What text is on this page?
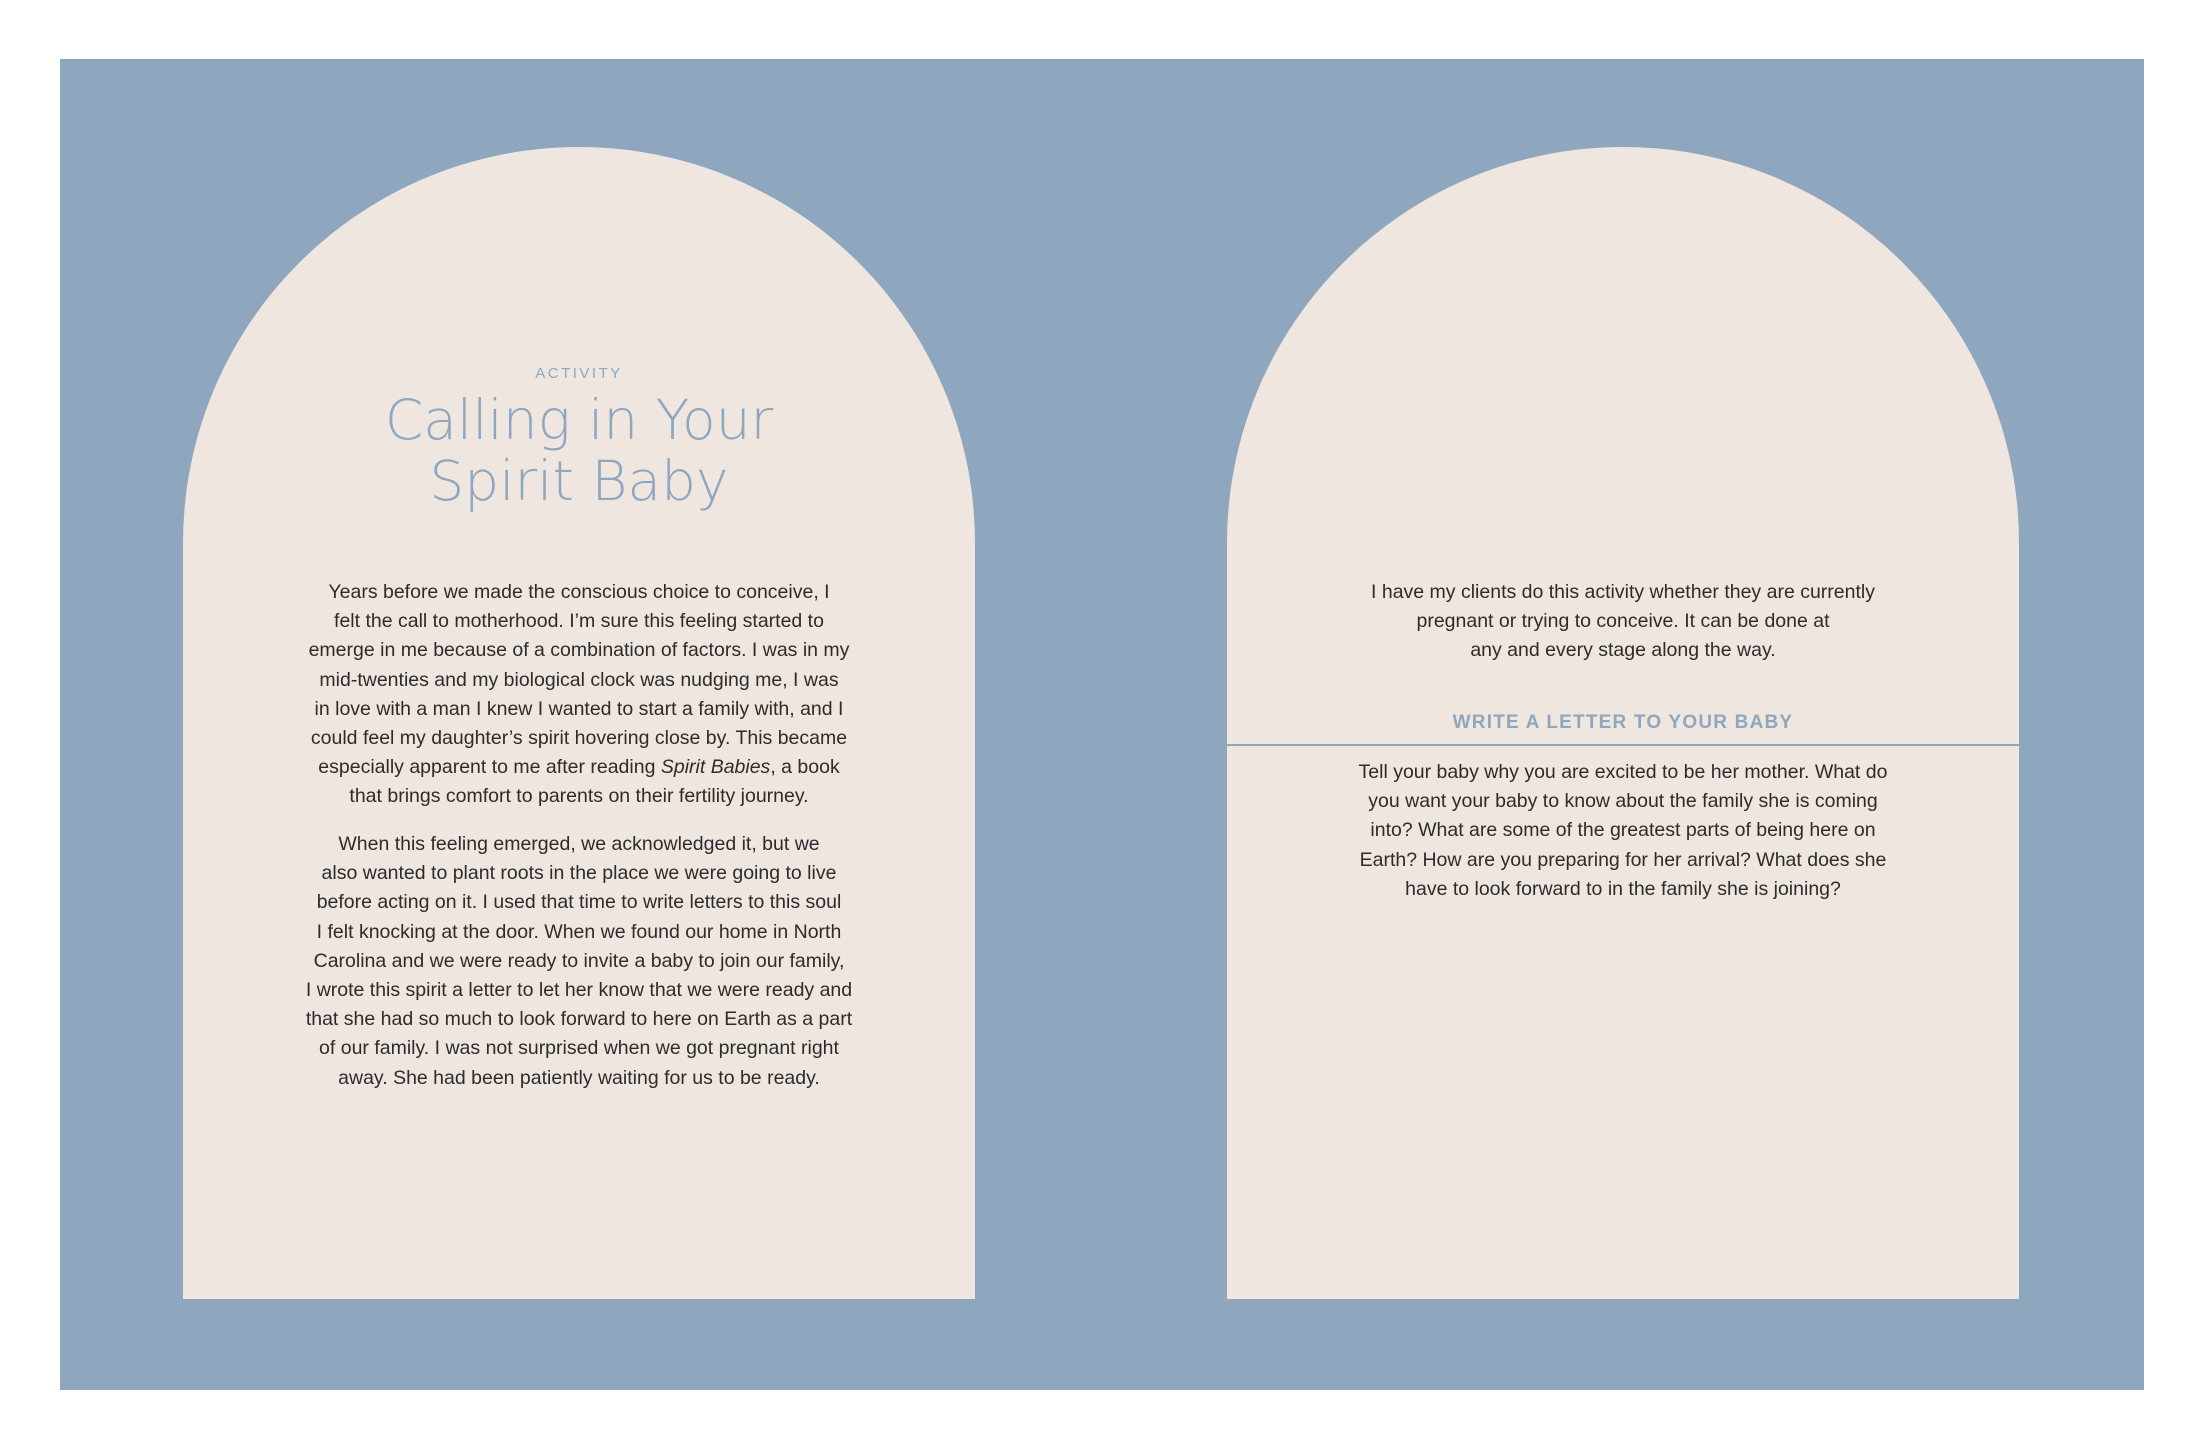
ACTIVITY
Calling in Your
Spirit Baby
Years before we made the conscious choice to conceive, I
felt the call to motherhood. I’m sure this feeling started to
emerge in me because of a combination of factors. I was in my
mid-twenties and my biological clock was nudging me, I was
in love with a man I knew I wanted to start a family with, and I
could feel my daughter’s spirit hovering close by. This became
especially apparent to me after reading Spirit Babies, a book
that brings comfort to parents on their fertility journey.
When this feeling emerged, we acknowledged it, but we
also wanted to plant roots in the place we were going to live
before acting on it. I used that time to write letters to this soul
I felt knocking at the door. When we found our home in North
Carolina and we were ready to invite a baby to join our family,
I wrote this spirit a letter to let her know that we were ready and
that she had so much to look forward to here on Earth as a part
of our family. I was not surprised when we got pregnant right
away. She had been patiently waiting for us to be ready.
I have my clients do this activity whether they are currently
pregnant or trying to conceive. It can be done at
any and every stage along the way.
WRITE A LETTER TO YOUR BABY
Tell your baby why you are excited to be her mother. What do
you want your baby to know about the family she is coming
into? What are some of the greatest parts of being here on
Earth? How are you preparing for her arrival? What does she
have to look forward to in the family she is joining?
